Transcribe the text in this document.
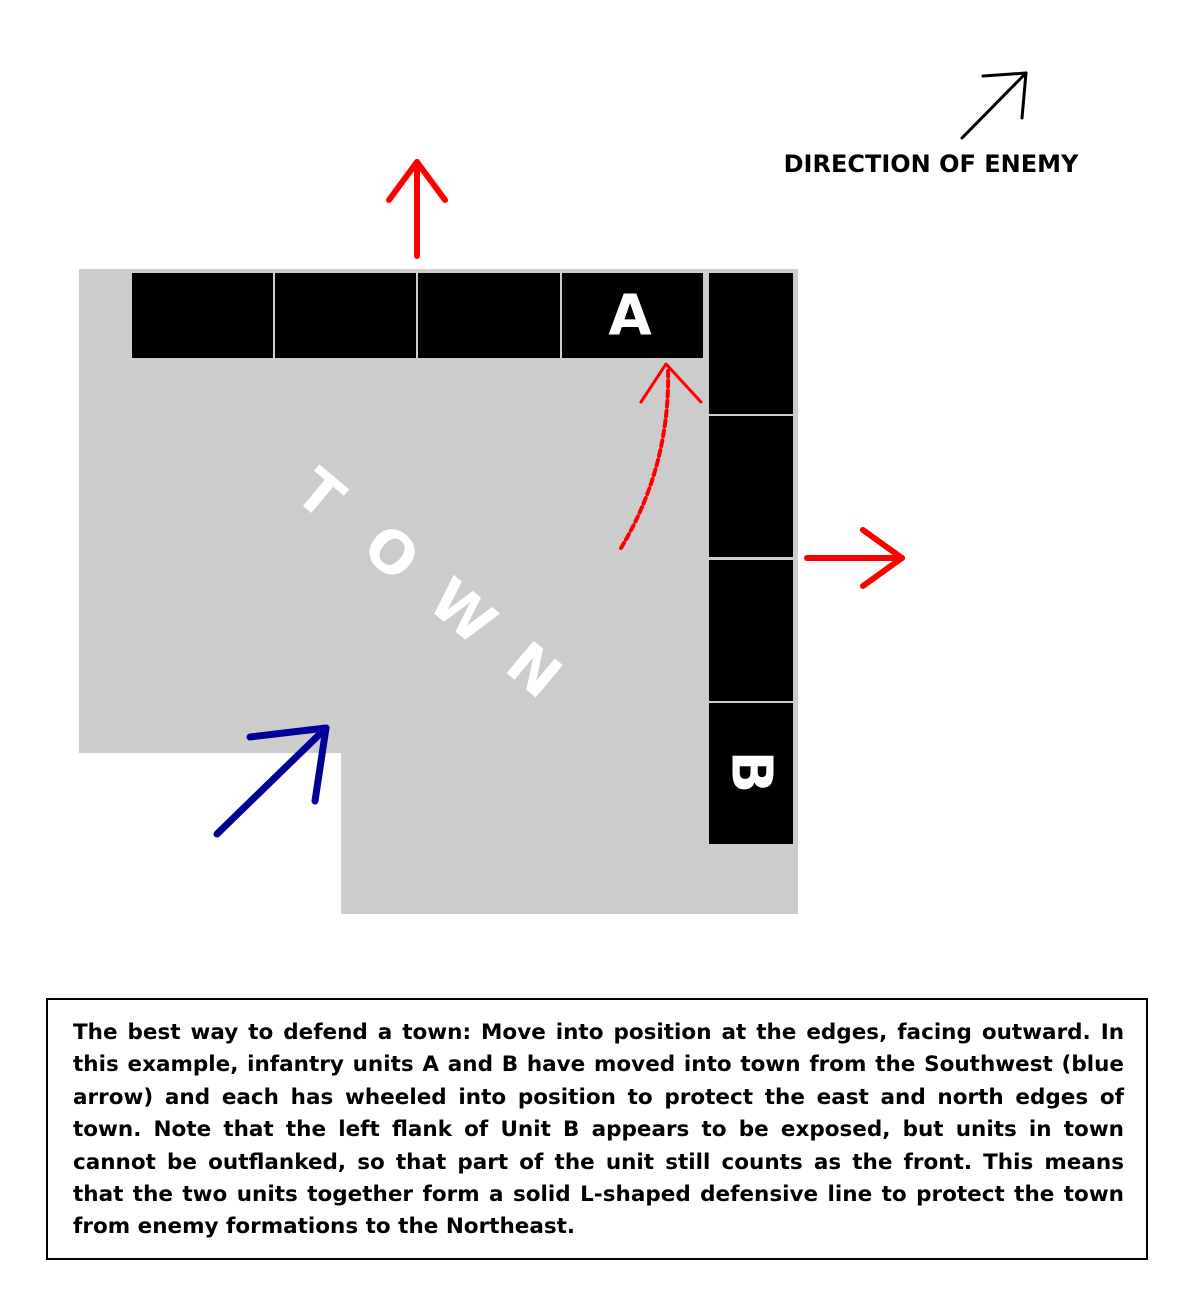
DIRECTION OF ENEMY
T
O
W
N
A
B

The best way to defend a town: Move into position at the edges, facing outward. In this example, infantry units A and B have moved into town from the Southwest (blue arrow) and each has wheeled into position to protect the east and north edges of town. Note that the left flank of Unit B appears to be exposed, but units in town cannot be outflanked, so that part of the unit still counts as the front. This means that the two units together form a solid L-shaped defensive line to protect the town from enemy formations to the Northeast.
